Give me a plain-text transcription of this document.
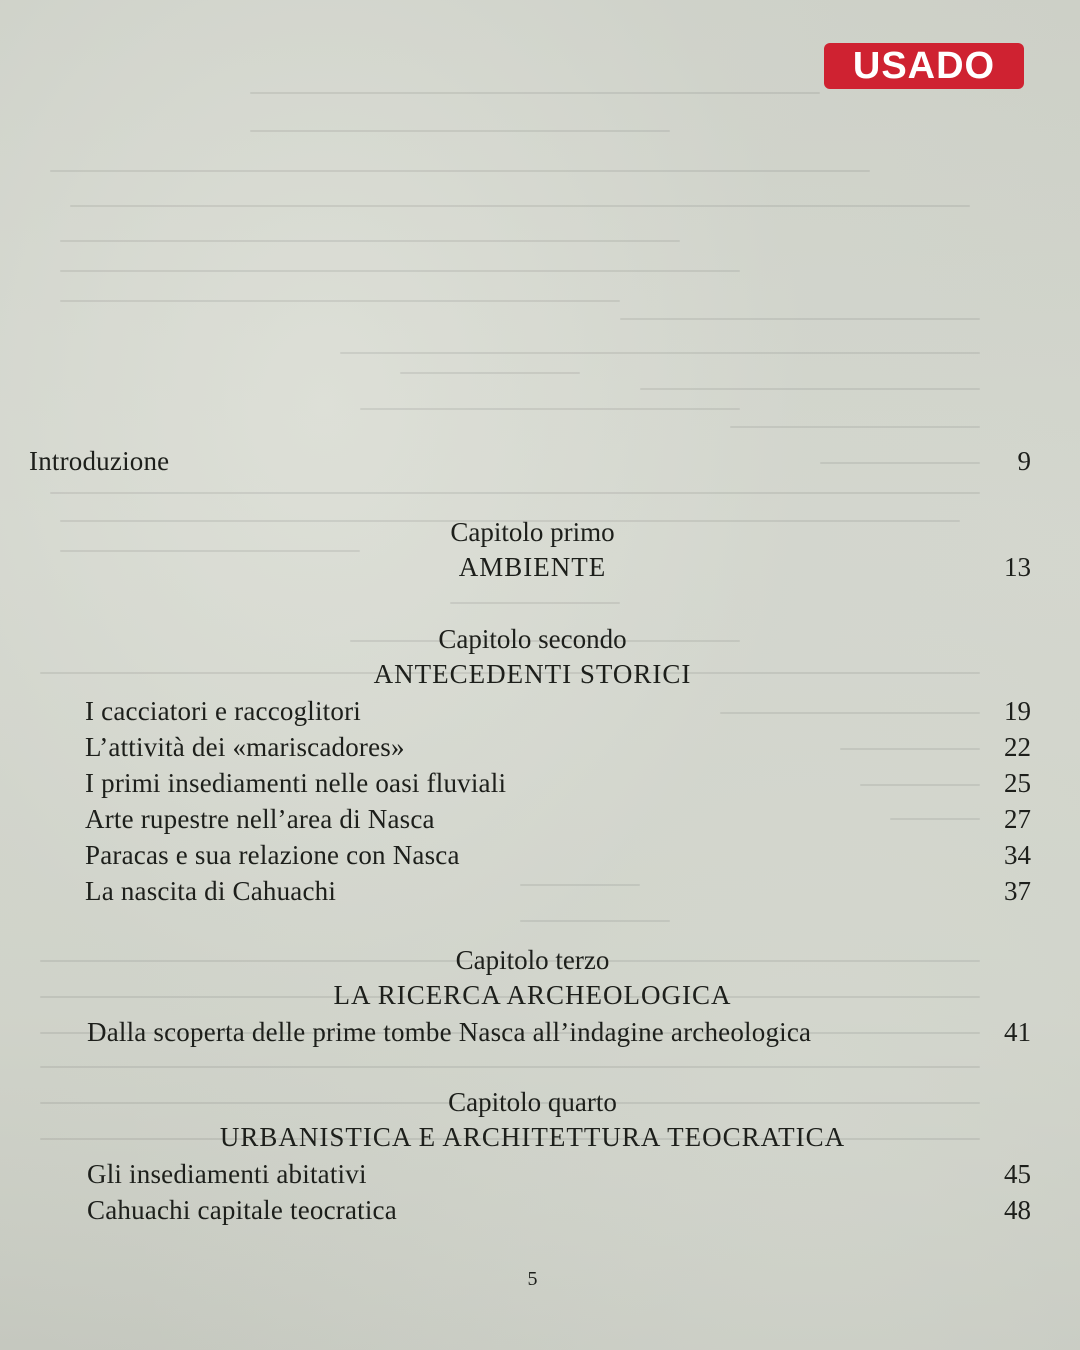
USADO
Introduzione	9
Capitolo primo
AMBIENTE	13
Capitolo secondo
ANTECEDENTI STORICI
I cacciatori e raccoglitori	19
L’attività dei «mariscadores»	22
I primi insediamenti nelle oasi fluviali	25
Arte rupestre nell’area di Nasca	27
Paracas e sua relazione con Nasca	34
La nascita di Cahuachi	37
Capitolo terzo
LA RICERCA ARCHEOLOGICA
Dalla scoperta delle prime tombe Nasca all’indagine archeologica	41
Capitolo quarto
URBANISTICA E ARCHITETTURA TEOCRATICA
Gli insediamenti abitativi	45
Cahuachi capitale teocratica	48
5
